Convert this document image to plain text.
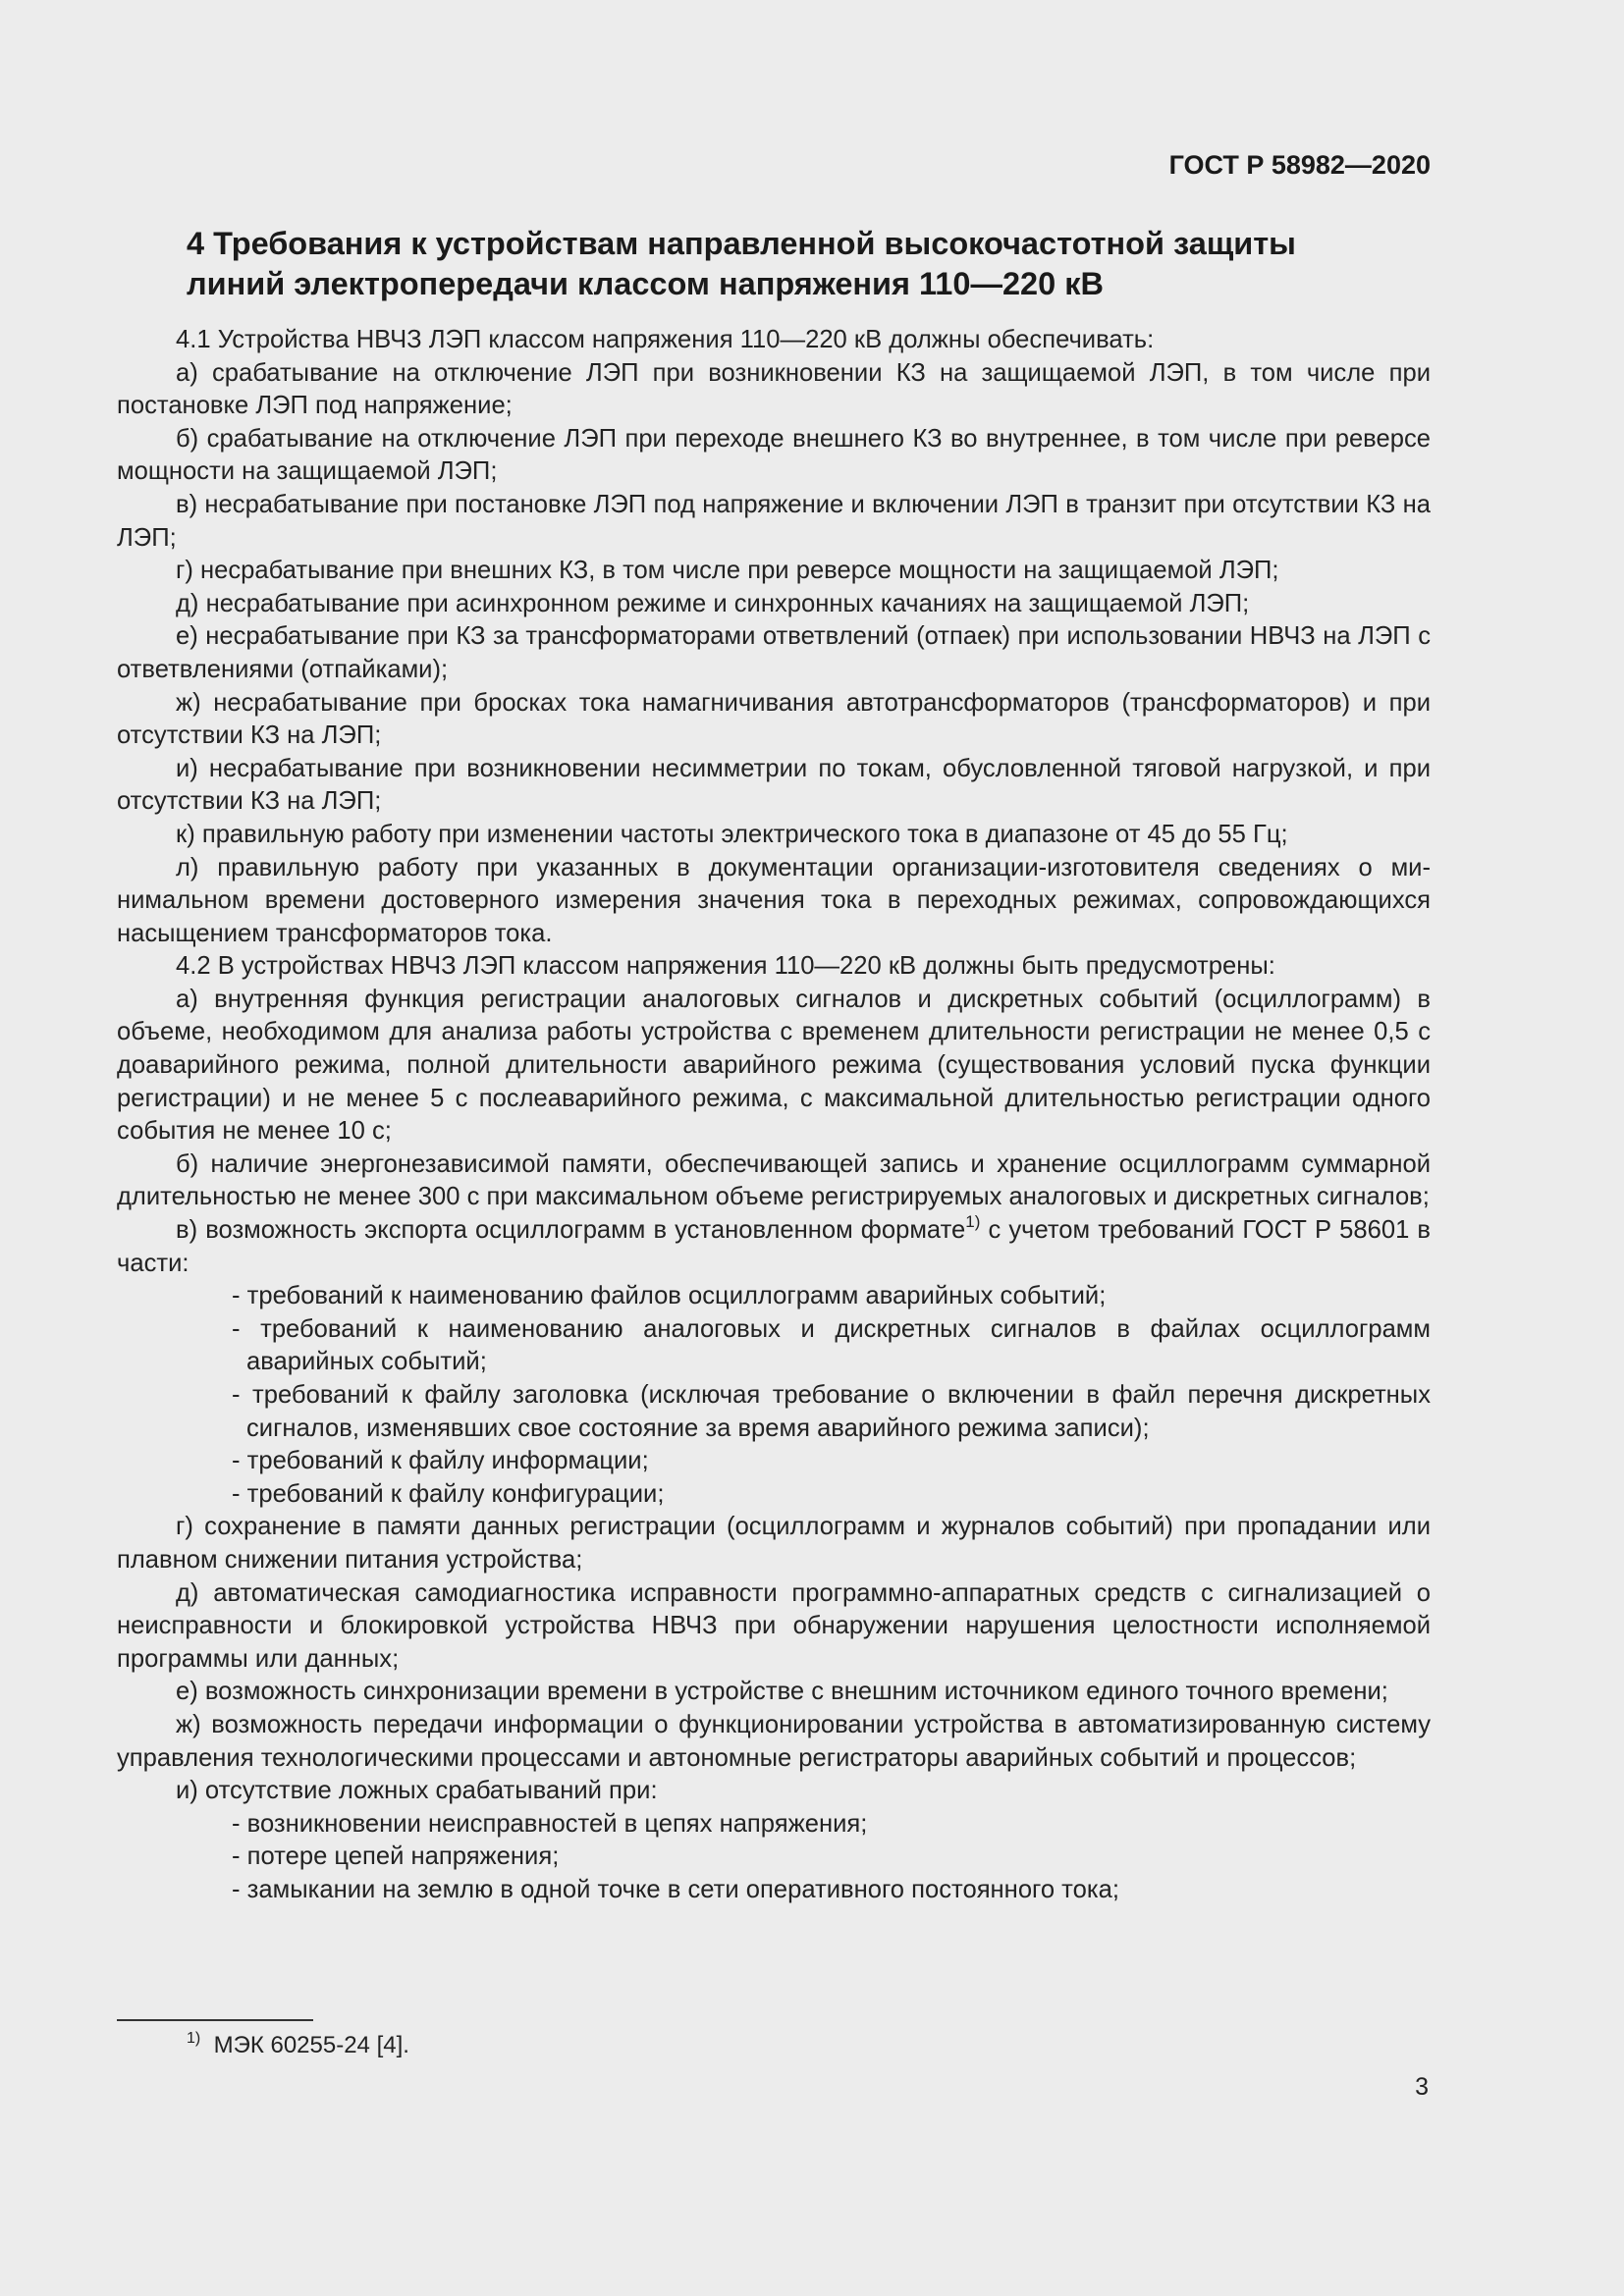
ГОСТ Р 58982—2020
4 Требования к устройствам направленной высокочастотной защиты
линий электропередачи классом напряжения 110—220 кВ

4.1 Устройства НВЧЗ ЛЭП классом напряжения 110—220 кВ должны обеспечивать:

а) срабатывание на отключение ЛЭП при возникновении КЗ на защищаемой ЛЭП, в том числе при постановке ЛЭП под напряжение;

б) срабатывание на отключение ЛЭП при переходе внешнего КЗ во внутреннее, в том числе при реверсе мощности на защищаемой ЛЭП;

в) несрабатывание при постановке ЛЭП под напряжение и включении ЛЭП в транзит при отсутствии КЗ на ЛЭП;

г) несрабатывание при внешних КЗ, в том числе при реверсе мощности на защищаемой ЛЭП;

д) несрабатывание при асинхронном режиме и синхронных качаниях на защищаемой ЛЭП;

е) несрабатывание при КЗ за трансформаторами ответвлений (отпаек) при использовании НВЧЗ на ЛЭП с ответвлениями (отпайками);

ж) несрабатывание при бросках тока намагничивания автотрансформаторов (трансформаторов) и при отсутствии КЗ на ЛЭП;

и) несрабатывание при возникновении несимметрии по токам, обусловленной тяговой нагрузкой, и при отсутствии КЗ на ЛЭП;

к) правильную работу при изменении частоты электрического тока в диапазоне от 45 до 55 Гц;

л) правильную работу при указанных в документации организации-изготовителя сведениях о минимальном времени достоверного измерения значения тока в переходных режимах, сопровождающихся насыщением трансформаторов тока.

4.2 В устройствах НВЧЗ ЛЭП классом напряжения 110—220 кВ должны быть предусмотрены:

а) внутренняя функция регистрации аналоговых сигналов и дискретных событий (осциллограмм) в объеме, необходимом для анализа работы устройства с временем длительности регистрации не менее 0,5 с доаварийного режима, полной длительности аварийного режима (существования условий пуска функции регистрации) и не менее 5 с послеаварийного режима, с максимальной длительностью регистрации одного события не менее 10 с;

б) наличие энергонезависимой памяти, обеспечивающей запись и хранение осциллограмм суммарной длительностью не менее 300 с при максимальном объеме регистрируемых аналоговых и дискретных сигналов;

в) возможность экспорта осциллограмм в установленном формате$^{1)}$ с учетом требований ГОСТ Р 58601 в части:

- требований к наименованию файлов осциллограмм аварийных событий;

- требований к наименованию аналоговых и дискретных сигналов в файлах осциллограмм аварийных событий;

- требований к файлу заголовка (исключая требование о включении в файл перечня дискретных сигналов, изменявших свое состояние за время аварийного режима записи);

- требований к файлу информации;

- требований к файлу конфигурации;

г) сохранение в памяти данных регистрации (осциллограмм и журналов событий) при пропадании или плавном снижении питания устройства;

д) автоматическая самодиагностика исправности программно-аппаратных средств с сигнализацией о неисправности и блокировкой устройства НВЧЗ при обнаружении нарушения целостности исполняемой программы или данных;

е) возможность синхронизации времени в устройстве с внешним источником единого точного времени;

ж) возможность передачи информации о функционировании устройства в автоматизированную систему управления технологическими процессами и автономные регистраторы аварийных событий и процессов;

и) отсутствие ложных срабатываний при:

- возникновении неисправностей в цепях напряжения;

- потере цепей напряжения;

- замыкании на землю в одной точке в сети оперативного постоянного тока;

$^{1)}$ МЭК 60255-24 [4].
3
